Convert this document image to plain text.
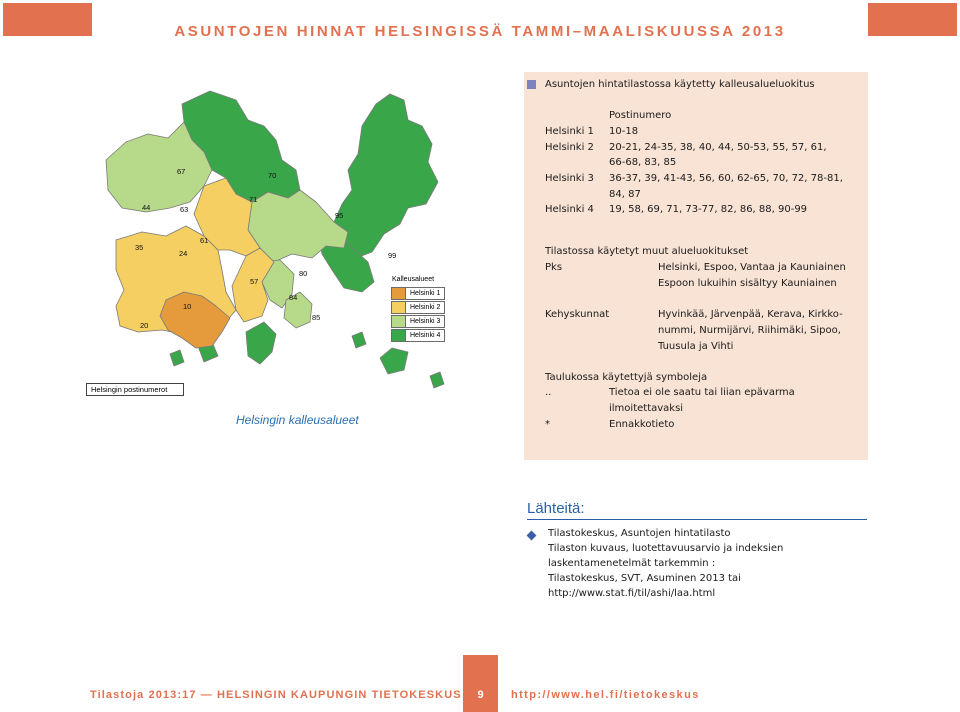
ASUNTOJEN HINNAT HELSINGISSÄ TAMMI–MAALISKUUSSA 2013
67	70
44	63
71
95
35
24
61
99
57
80
84
10
85
20
Helsingin postinumerot
Helsingin kalleusalueet
Kalleusalueet
Helsinki 1
Helsinki 2
Helsinki 3
Helsinki 4
Asuntojen hintatilastossa käytetty kalleusalueluokitus
Postinumero
Helsinki 1 10-18
Helsinki 2 20-21, 24-35, 38, 40, 44, 50-53, 55, 57, 61,
66-68, 83, 85
Helsinki 3 36-37, 39, 41-43, 56, 60, 62-65, 70, 72, 78-81,
84, 87
Helsinki 4 19, 58, 69, 71, 73-77, 82, 86, 88, 90-99
Tilastossa käytetyt muut alueluokitukset
Pks	Helsinki, Espoo, Vantaa ja Kauniainen
Espoon lukuihin sisältyy Kauniainen
Kehyskunnat	Hyvinkää, Järvenpää, Kerava, Kirkko-
nummi, Nurmijärvi, Riihimäki, Sipoo,
Tuusula ja Vihti
Taulukossa käytettyjä symboleja
..	Tietoa ei ole saatu tai liian epävarma
ilmoitettavaksi
*	Ennakkotieto
Lähteitä:
Tilastokeskus, Asuntojen hintatilasto
Tilaston kuvaus, luotettavuusarvio ja indeksien
laskentamenetelmät tarkemmin :
Tilastokeskus, SVT, Asuminen 2013 tai
http://www.stat.fi/til/ashi/laa.html
Tilastoja 2013:17 — HELSINGIN KAUPUNGIN TIETOKESKUS	9	http://www.hel.fi/tietokeskus
